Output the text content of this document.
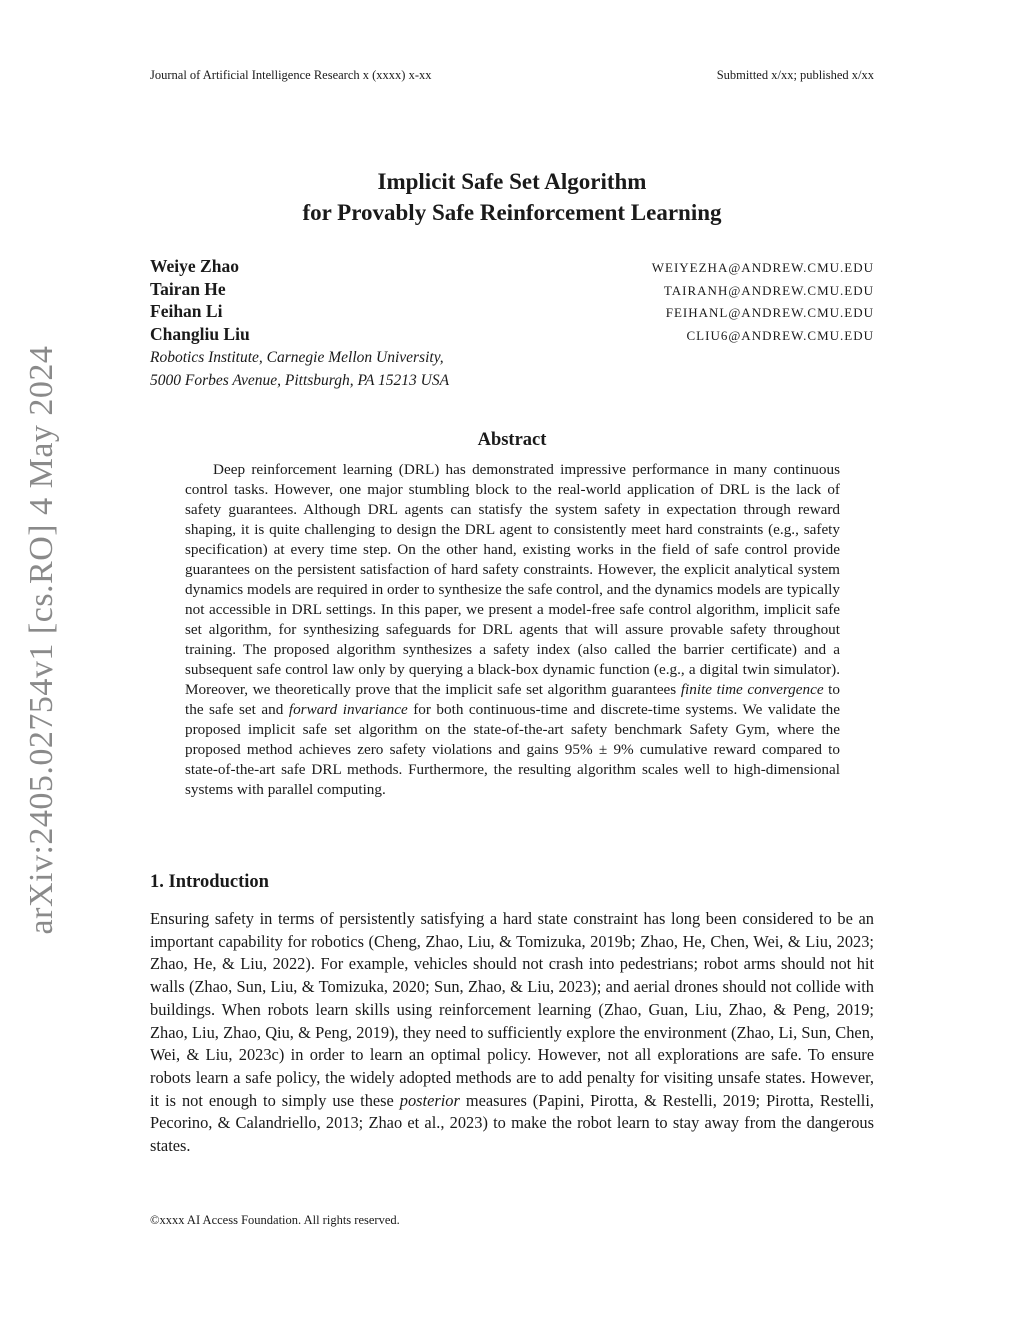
Journal of Artificial Intelligence Research x (xxxx) x-xx	Submitted x/xx; published x/xx
arXiv:2405.02754v1 [cs.RO] 4 May 2024
Implicit Safe Set Algorithm
for Provably Safe Reinforcement Learning
Weiye Zhao	WEIYEZHA@ANDREW.CMU.EDU
Tairan He	TAIRANH@ANDREW.CMU.EDU
Feihan Li	FEIHANL@ANDREW.CMU.EDU
Changliu Liu	CLIU6@ANDREW.CMU.EDU
Robotics Institute, Carnegie Mellon University,
5000 Forbes Avenue, Pittsburgh, PA 15213 USA
Abstract

Deep reinforcement learning (DRL) has demonstrated impressive performance in many continuous control tasks. However, one major stumbling block to the real-world application of DRL is the lack of safety guarantees. Although DRL agents can statisfy the system safety in expectation through reward shaping, it is quite challenging to design the DRL agent to consistently meet hard constraints (e.g., safety specification) at every time step. On the other hand, existing works in the field of safe control provide guarantees on the persistent satisfaction of hard safety constraints. However, the explicit analytical system dynamics models are required in order to synthesize the safe control, and the dynamics models are typically not accessible in DRL settings. In this paper, we present a model-free safe control algorithm, implicit safe set algorithm, for synthesizing safeguards for DRL agents that will assure provable safety throughout training. The proposed algorithm synthesizes a safety index (also called the barrier certificate) and a subsequent safe control law only by querying a black-box dynamic function (e.g., a digital twin simulator). Moreover, we theoretically prove that the implicit safe set algorithm guarantees finite time convergence to the safe set and forward invariance for both continuous-time and discrete-time systems. We validate the proposed implicit safe set algorithm on the state-of-the-art safety benchmark Safety Gym, where the proposed method achieves zero safety violations and gains 95% ± 9% cumulative reward compared to state-of-the-art safe DRL methods. Furthermore, the resulting algorithm scales well to high-dimensional systems with parallel computing.

1. Introduction

Ensuring safety in terms of persistently satisfying a hard state constraint has long been considered to be an important capability for robotics (Cheng, Zhao, Liu, & Tomizuka, 2019b; Zhao, He, Chen, Wei, & Liu, 2023; Zhao, He, & Liu, 2022). For example, vehicles should not crash into pedestrians; robot arms should not hit walls (Zhao, Sun, Liu, & Tomizuka, 2020; Sun, Zhao, & Liu, 2023); and aerial drones should not collide with buildings. When robots learn skills using reinforcement learning (Zhao, Guan, Liu, Zhao, & Peng, 2019; Zhao, Liu, Zhao, Qiu, & Peng, 2019), they need to sufficiently explore the environment (Zhao, Li, Sun, Chen, Wei, & Liu, 2023c) in order to learn an optimal policy. However, not all explorations are safe. To ensure robots learn a safe policy, the widely adopted methods are to add penalty for visiting unsafe states. However, it is not enough to simply use these posterior measures (Papini, Pirotta, & Restelli, 2019; Pirotta, Restelli, Pecorino, & Calandriello, 2013; Zhao et al., 2023) to make the robot learn to stay away from the dangerous states.

©xxxx AI Access Foundation. All rights reserved.
